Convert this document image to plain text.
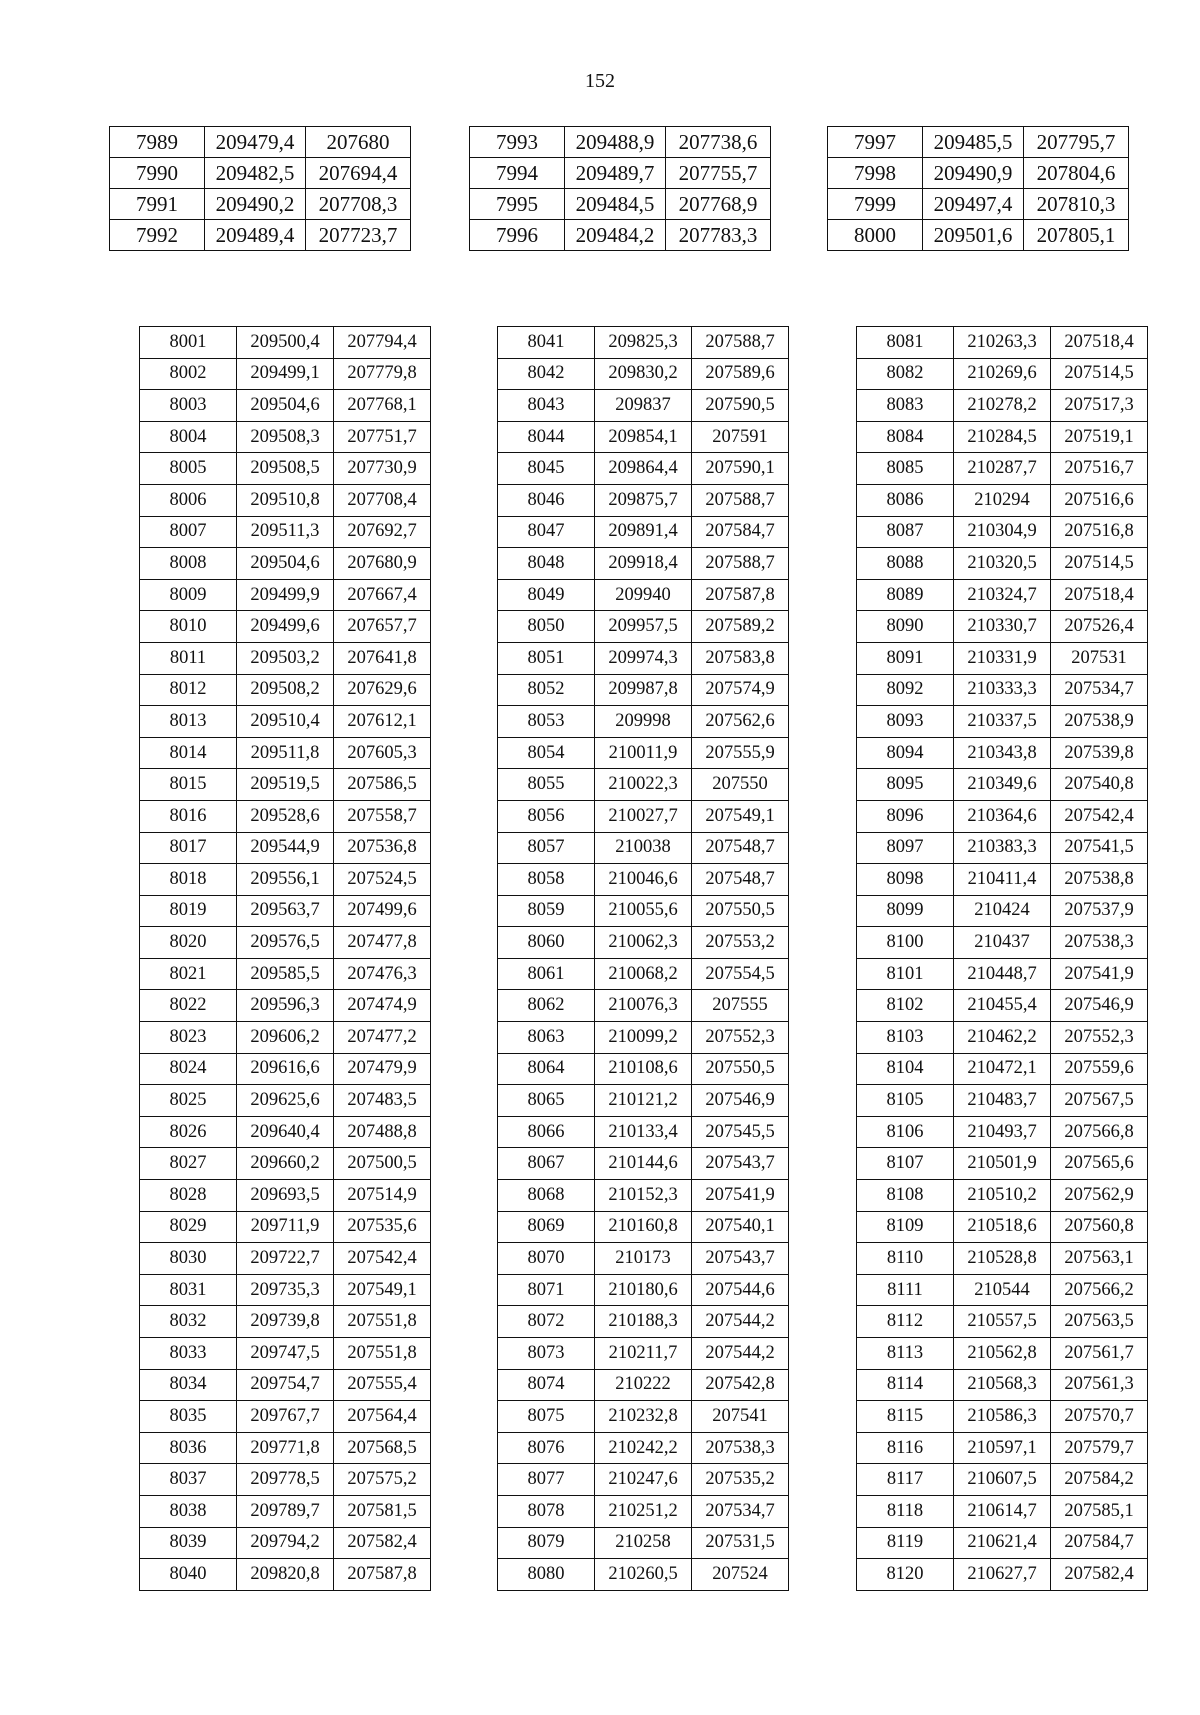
152
7989	209479,4	207680
7990	209482,5	207694,4
7991	209490,2	207708,3
7992	209489,4	207723,7
7993	209488,9	207738,6
7994	209489,7	207755,7
7995	209484,5	207768,9
7996	209484,2	207783,3
7997	209485,5	207795,7
7998	209490,9	207804,6
7999	209497,4	207810,3
8000	209501,6	207805,1
8001	209500,4	207794,4
8002	209499,1	207779,8
8003	209504,6	207768,1
8004	209508,3	207751,7
8005	209508,5	207730,9
8006	209510,8	207708,4
8007	209511,3	207692,7
8008	209504,6	207680,9
8009	209499,9	207667,4
8010	209499,6	207657,7
8011	209503,2	207641,8
8012	209508,2	207629,6
8013	209510,4	207612,1
8014	209511,8	207605,3
8015	209519,5	207586,5
8016	209528,6	207558,7
8017	209544,9	207536,8
8018	209556,1	207524,5
8019	209563,7	207499,6
8020	209576,5	207477,8
8021	209585,5	207476,3
8022	209596,3	207474,9
8023	209606,2	207477,2
8024	209616,6	207479,9
8025	209625,6	207483,5
8026	209640,4	207488,8
8027	209660,2	207500,5
8028	209693,5	207514,9
8029	209711,9	207535,6
8030	209722,7	207542,4
8031	209735,3	207549,1
8032	209739,8	207551,8
8033	209747,5	207551,8
8034	209754,7	207555,4
8035	209767,7	207564,4
8036	209771,8	207568,5
8037	209778,5	207575,2
8038	209789,7	207581,5
8039	209794,2	207582,4
8040	209820,8	207587,8
8041	209825,3	207588,7
8042	209830,2	207589,6
8043	209837	207590,5
8044	209854,1	207591
8045	209864,4	207590,1
8046	209875,7	207588,7
8047	209891,4	207584,7
8048	209918,4	207588,7
8049	209940	207587,8
8050	209957,5	207589,2
8051	209974,3	207583,8
8052	209987,8	207574,9
8053	209998	207562,6
8054	210011,9	207555,9
8055	210022,3	207550
8056	210027,7	207549,1
8057	210038	207548,7
8058	210046,6	207548,7
8059	210055,6	207550,5
8060	210062,3	207553,2
8061	210068,2	207554,5
8062	210076,3	207555
8063	210099,2	207552,3
8064	210108,6	207550,5
8065	210121,2	207546,9
8066	210133,4	207545,5
8067	210144,6	207543,7
8068	210152,3	207541,9
8069	210160,8	207540,1
8070	210173	207543,7
8071	210180,6	207544,6
8072	210188,3	207544,2
8073	210211,7	207544,2
8074	210222	207542,8
8075	210232,8	207541
8076	210242,2	207538,3
8077	210247,6	207535,2
8078	210251,2	207534,7
8079	210258	207531,5
8080	210260,5	207524
8081	210263,3	207518,4
8082	210269,6	207514,5
8083	210278,2	207517,3
8084	210284,5	207519,1
8085	210287,7	207516,7
8086	210294	207516,6
8087	210304,9	207516,8
8088	210320,5	207514,5
8089	210324,7	207518,4
8090	210330,7	207526,4
8091	210331,9	207531
8092	210333,3	207534,7
8093	210337,5	207538,9
8094	210343,8	207539,8
8095	210349,6	207540,8
8096	210364,6	207542,4
8097	210383,3	207541,5
8098	210411,4	207538,8
8099	210424	207537,9
8100	210437	207538,3
8101	210448,7	207541,9
8102	210455,4	207546,9
8103	210462,2	207552,3
8104	210472,1	207559,6
8105	210483,7	207567,5
8106	210493,7	207566,8
8107	210501,9	207565,6
8108	210510,2	207562,9
8109	210518,6	207560,8
8110	210528,8	207563,1
8111	210544	207566,2
8112	210557,5	207563,5
8113	210562,8	207561,7
8114	210568,3	207561,3
8115	210586,3	207570,7
8116	210597,1	207579,7
8117	210607,5	207584,2
8118	210614,7	207585,1
8119	210621,4	207584,7
8120	210627,7	207582,4
